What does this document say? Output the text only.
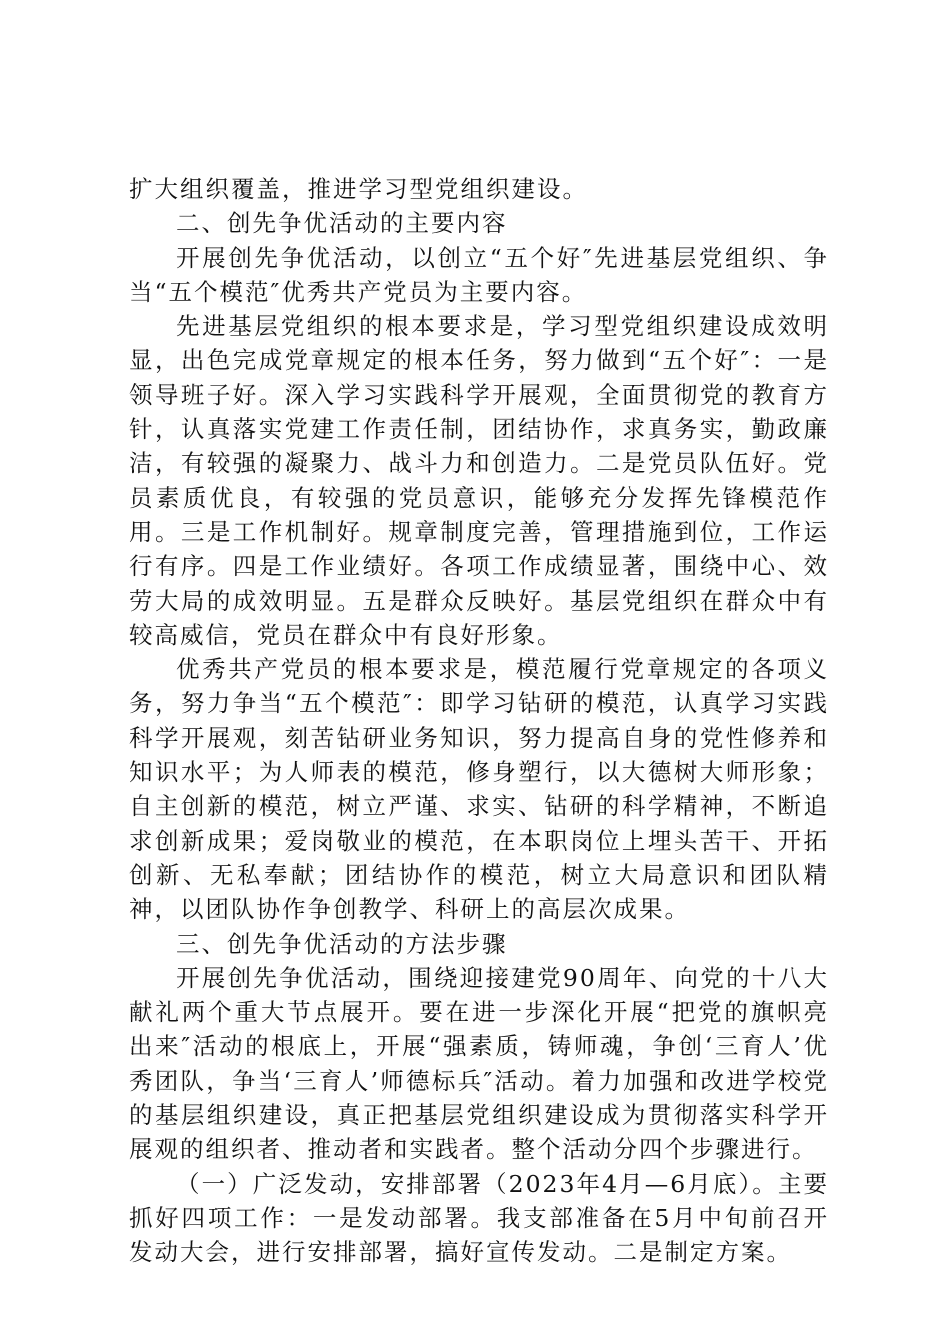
扩大组织覆盖，推进学习型党组织建设。

二、创先争优活动的主要内容

开展创先争优活动，以创立“五个好″先进基层党组织、争当“五个模范″优秀共产党员为主要内容。

先进基层党组织的根本要求是，学习型党组织建设成效明显，出色完成党章规定的根本任务，努力做到“五个好″：一是领导班子好。深入学习实践科学开展观，全面贯彻党的教育方针，认真落实党建工作责任制，团结协作，求真务实，勤政廉洁，有较强的凝聚力、战斗力和创造力。二是党员队伍好。党员素质优良，有较强的党员意识，能够充分发挥先锋模范作用。三是工作机制好。规章制度完善，管理措施到位，工作运行有序。四是工作业绩好。各项工作成绩显著，围绕中心、效劳大局的成效明显。五是群众反映好。基层党组织在群众中有较高威信，党员在群众中有良好形象。

优秀共产党员的根本要求是，模范履行党章规定的各项义务，努力争当“五个模范″：即学习钻研的模范，认真学习实践科学开展观，刻苦钻研业务知识，努力提高自身的党性修养和知识水平；为人师表的模范，修身塑行，以大德树大师形象；自主创新的模范，树立严谨、求实、钻研的科学精神，不断追求创新成果；爱岗敬业的模范，在本职岗位上埋头苦干、开拓创新、无私奉献；团结协作的模范，树立大局意识和团队精神，以团队协作争创教学、科研上的高层次成果。

三、创先争优活动的方法步骤

开展创先争优活动，围绕迎接建党90周年、向党的十八大献礼两个重大节点展开。要在进一步深化开展“把党的旗帜亮出来″活动的根底上，开展“强素质，铸师魂，争创‘三育人’优秀团队，争当‘三育人’师德标兵″活动。着力加强和改进学校党的基层组织建设，真正把基层党组织建设成为贯彻落实科学开展观的组织者、推动者和实践者。整个活动分四个步骤进行。

（一）广泛发动，安排部署（2023年4月—6月底）。主要抓好四项工作：一是发动部署。我支部准备在5月中旬前召开发动大会，进行安排部署，搞好宣传发动。二是制定方案。
